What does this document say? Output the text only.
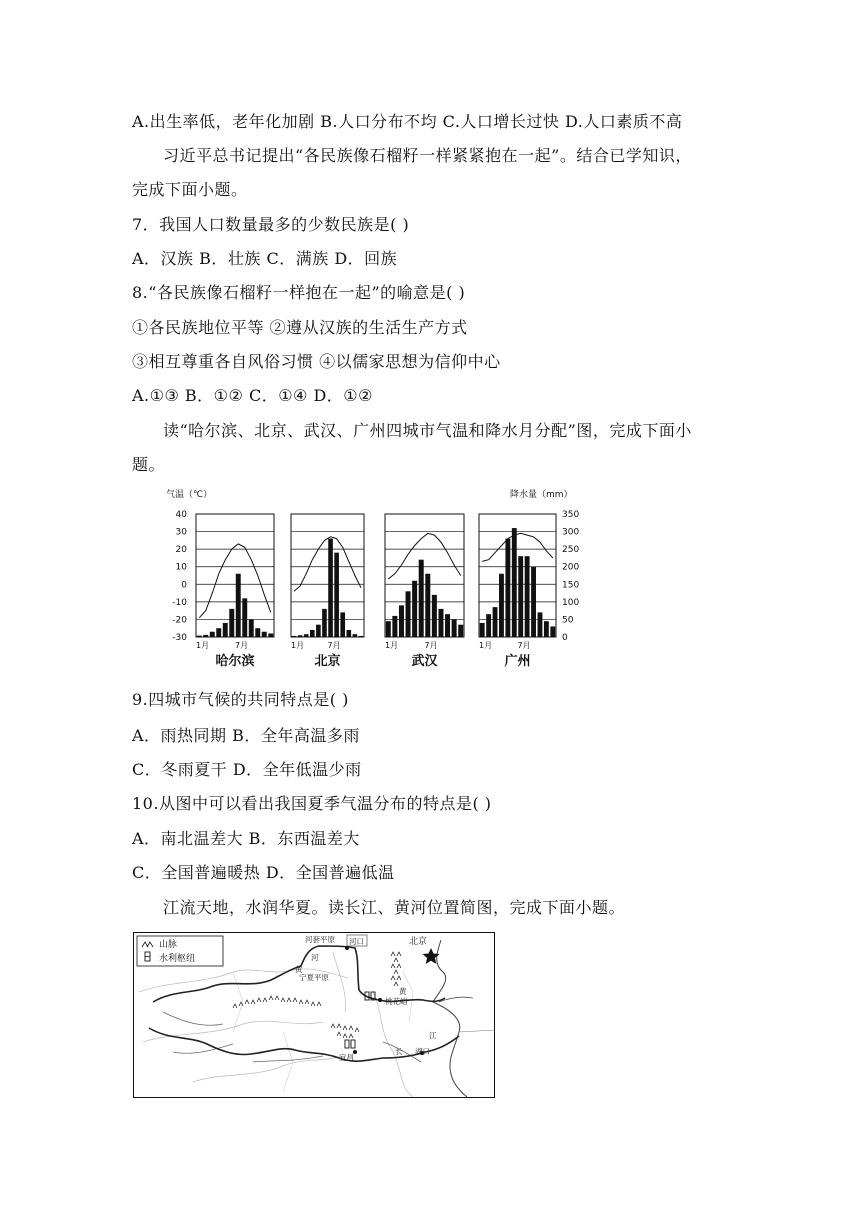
A.出生率低，老年化加剧 B.人口分布不均 C.人口增长过快 D.人口素质不高
习近平总书记提出“各民族像石榴籽一样紧紧抱在一起”。结合已学知识，
完成下面小题。
7．我国人口数量最多的少数民族是( )
A．汉族 B．壮族 C．满族 D．回族
8.“各民族像石榴籽一样抱在一起”的喻意是( )
①各民族地位平等 ②遵从汉族的生活生产方式
③相互尊重各自风俗习惯 ④以儒家思想为信仰中心
A.①③ B．①② C．①④ D．①②
读“哈尔滨、北京、武汉、广州四城市气温和降水月分配”图，完成下面小
题。
气温（℃）	降水量（mm）
40
30
20
10
0
-10
-20
-30
350
300
250
200
150
100
50
0
1月	7月
哈尔滨
1月	7月
北京
1月	7月
武汉
1月	7月
广州
9.四城市气候的共同特点是( )
A．雨热同期 B．全年高温多雨
C．冬雨夏干 D．全年低温少雨
10.从图中可以看出我国夏季气温分布的特点是( )
A．南北温差大 B．东西温差大
C．全国普遍暖热 D．全国普遍低温
江流天地，水润华夏。读长江、黄河位置简图，完成下面小题。
山脉
水利枢纽
河套平原 河口	北京
河
黄
宁夏平原
黄
桃花峪
江
长 湖口
宜昌
